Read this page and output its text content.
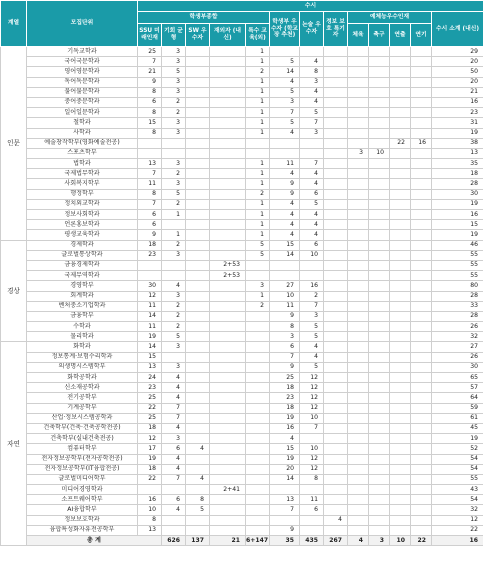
계열	모집단위	수시													
		학생부종합					학생부 우수자 (학교장 추천)	논술 우수자	정보 보호 특기자	예체능우수인재				수시 소계 (내신)	
		SSU 미래인재	기회 균형	SW 우수자	재외자 (내신)	특수 교육(외)				체육	축구	연출	연기		
인문	기독교학과	25	3			1								29	
	국어국문학과	7	3			1	5	4						20	
	영어영문학과	21	5			2	14	8						50	
	독어독문학과	9	3			1	4	3						20	
	불어불문학과	8	3			1	5	4						21	
	중어중문학과	6	2			1	3	4						16	
	일어일문학과	8	2			1	7	5						23	
	철학과	15	3			1	5	7						31	
	사학과	8	3			1	4	3						19	
	예술창작학부(영화예술전공)											22	16	38	
	스포츠학부									3	10			13	
	법학과	13	3			1	11	7						35	
	국제법무학과	7	2			1	4	4						18	
	사회복지학부	11	3			1	9	4						28	
	행정학부	8	5			2	9	6						30	
	정치외교학과	7	2			1	4	5						19	
	정보사회학과	6	1			1	4	4						16	
	언론홍보학과	6				1	4	4						15	
	평생교육학과	9	1			1	4	4						19	
경상	경제학과	18	2			5	15	6						46	
	글로벌통상학과	23	3			5	14	10						55	
	금융경제학과				2+53									55	
	국제무역학과				2+53									55	
	경영학부	30	4			3	27	16						80	
	회계학과	12	3			1	10	2						28	
	벤처중소기업학과	11	2			2	11	7						33	
	금융학부	14	2				9	3						28	
	수학과	11	2				8	5						26	
	물리학과	19	5				3	5						32	
자연	화학과	14	3				6	4						27	
	정보통계·보험수리학과	15					7	4						26	
	의생명시스템학부	13	3				9	5						30	
	화학공학과	24	4				25	12						65	
	신소재공학과	23	4				18	12						57	
	전기공학부	25	4				23	12						64	
	기계공학부	22	7				18	12						59	
	산업·정보시스템공학과	25	7				19	10						61	
	건축학부(건축·건축공학전공)	18	4				16	7						45	
	건축학부(실내건축전공)	12	3				4							19	
	컴퓨터학부	17	6	4			15	10						52	
	전자정보공학부(전자공학전공)	19	4				19	12						54	
	전자정보공학부(IT융합전공)	18	4				20	12						54	
	글로벌미디어학부	22	7	4			14	8						55	
	미디어경영학과				2+41									43	
	소프트웨어학부	16	6	8			13	11						54	
	AI융합학부	10	4	5			7	6						32	
	정보보호학과	8							4					12	
	융합특성화자유전공학부	13					9							22	
	총 계		626	137	21	6+147	35	435	267	4	3	10	22	16	
